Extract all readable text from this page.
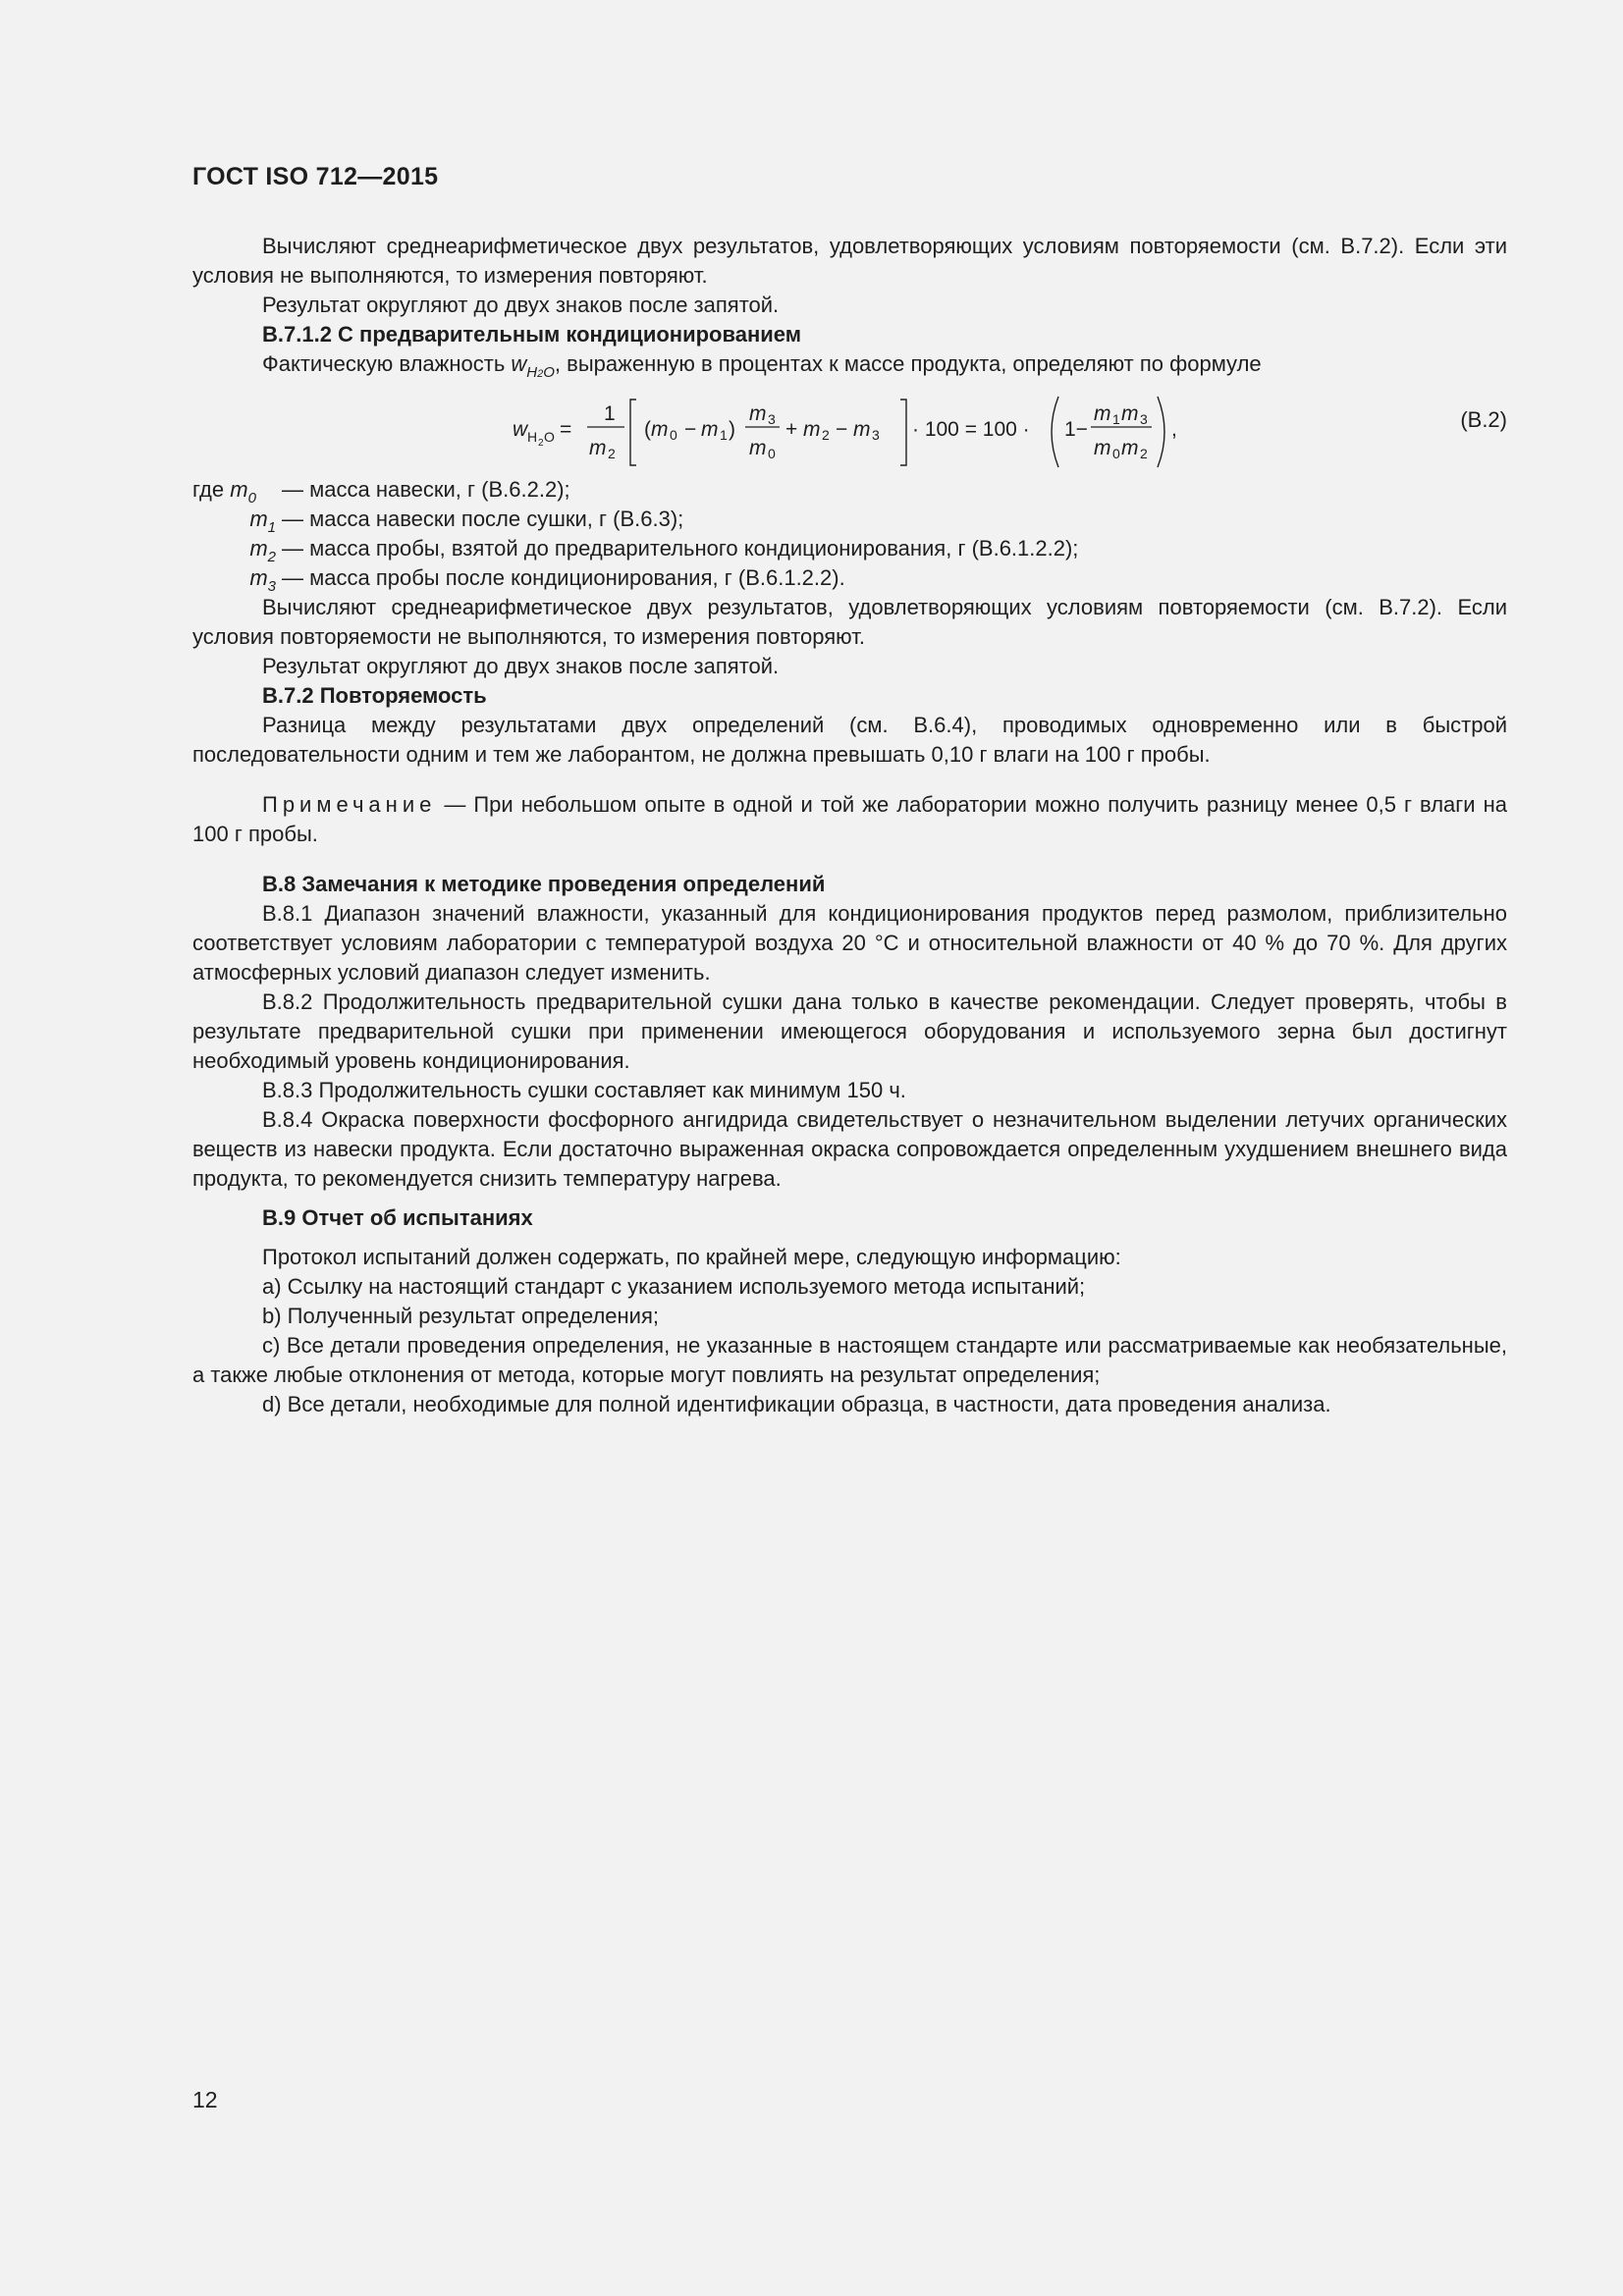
ГОСТ ISO 712—2015

Вычисляют среднеарифметическое двух результатов, удовлетворяющих условиям повторяемости (см. В.7.2). Если эти условия не выполняются, то измерения повторяют.

Результат округляют до двух знаков после запятой.

В.7.1.2 С предварительным кондиционированием

Фактическую влажность $w_{H2O}$, выраженную в процентах к массе продукта, определяют по формуле

w H 2 O =
1
m 2
( m 0 − m 1 )
m 3
m 0
+ m 2 − m 3 · 100 = 100 · 1−
m 1 m 3
m 0 m 2
,	(B.2)

где $m_0$	— масса навески, г (В.6.2.2);

$m_1$ — масса навески после сушки, г (В.6.3);

$m_2$ — масса пробы, взятой до предварительного кондиционирования, г (В.6.1.2.2);

$m_3$ — масса пробы после кондиционирования, г (В.6.1.2.2).

Вычисляют среднеарифметическое двух результатов, удовлетворяющих условиям повторяемости (см. В.7.2). Если условия повторяемости не выполняются, то измерения повторяют.

Результат округляют до двух знаков после запятой.

В.7.2 Повторяемость

Разница между результатами двух определений (см. В.6.4), проводимых одновременно или в быстрой последовательности одним и тем же лаборантом, не должна превышать 0,10 г влаги на 100 г пробы.

Примечание — При небольшом опыте в одной и той же лаборатории можно получить разницу менее 0,5 г влаги на 100 г пробы.

В.8 Замечания к методике проведения определений

В.8.1 Диапазон значений влажности, указанный для кондиционирования продуктов перед размолом, приблизительно соответствует условиям лаборатории с температурой воздуха 20 °С и относительной влажности от 40 % до 70 %. Для других атмосферных условий диапазон следует изменить.

В.8.2 Продолжительность предварительной сушки дана только в качестве рекомендации. Следует проверять, чтобы в результате предварительной сушки при применении имеющегося оборудования и используемого зерна был достигнут необходимый уровень кондиционирования.

В.8.3 Продолжительность сушки составляет как минимум 150 ч.

В.8.4 Окраска поверхности фосфорного ангидрида свидетельствует о незначительном выделении летучих органических веществ из навески продукта. Если достаточно выраженная окраска сопровождается определенным ухудшением внешнего вида продукта, то рекомендуется снизить температуру нагрева.

В.9 Отчет об испытаниях

Протокол испытаний должен содержать, по крайней мере, следующую информацию:

a) Ссылку на настоящий стандарт с указанием используемого метода испытаний;

b) Полученный результат определения;

c) Все детали проведения определения, не указанные в настоящем стандарте или рассматриваемые как необязательные, а также любые отклонения от метода, которые могут повлиять на результат определения;

d) Все детали, необходимые для полной идентификации образца, в частности, дата проведения анализа.

12
